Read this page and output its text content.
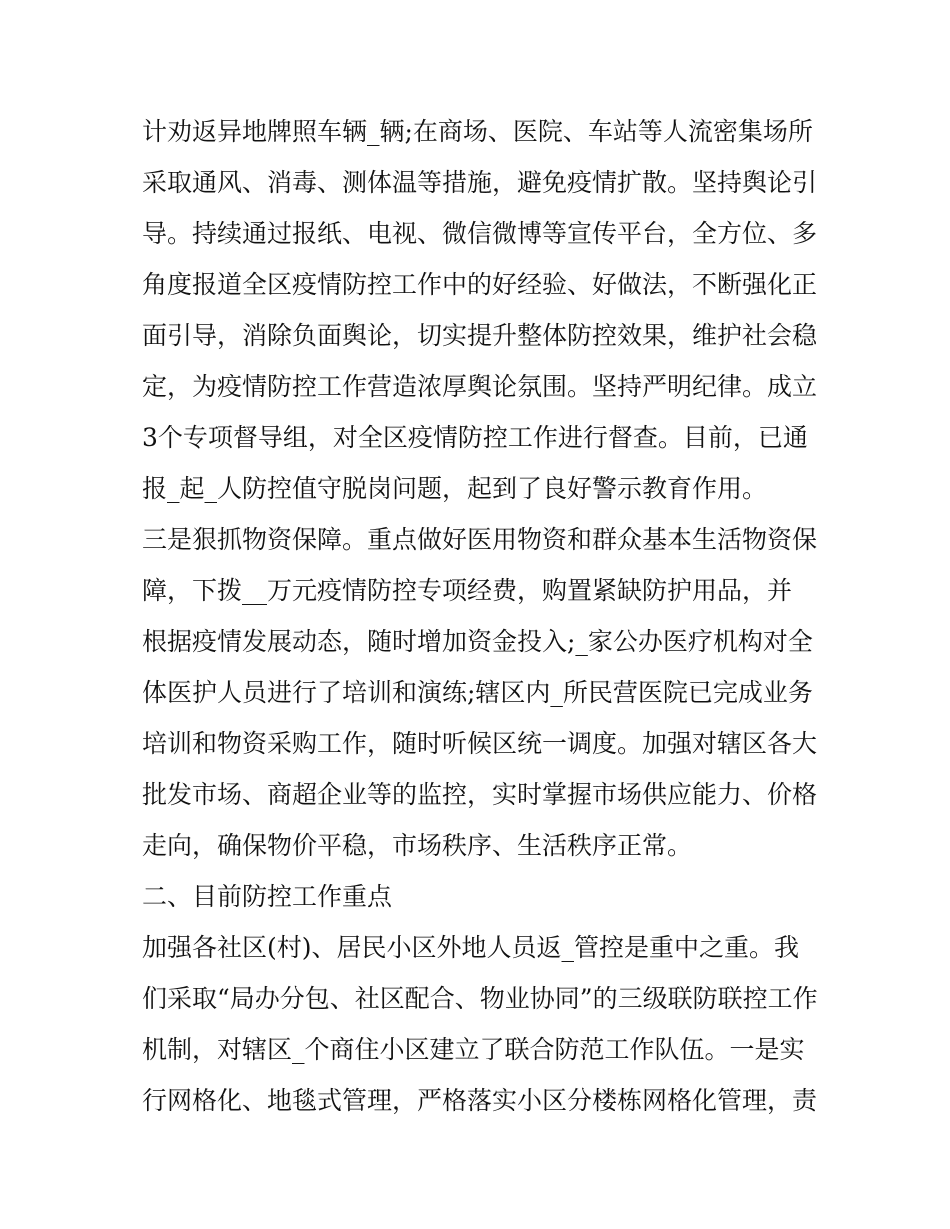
计劝返异地牌照车辆_辆;在商场、医院、车站等人流密集场所
采取通风、消毒、测体温等措施，避免疫情扩散。坚持舆论引
导。持续通过报纸、电视、微信微博等宣传平台，全方位、多
角度报道全区疫情防控工作中的好经验、好做法，不断强化正
面引导，消除负面舆论，切实提升整体防控效果，维护社会稳
定，为疫情防控工作营造浓厚舆论氛围。坚持严明纪律。成立
3个专项督导组，对全区疫情防控工作进行督查。目前，已通
报_起_人防控值守脱岗问题，起到了良好警示教育作用。
三是狠抓物资保障。重点做好医用物资和群众基本生活物资保
障，下拨__万元疫情防控专项经费，购置紧缺防护用品，并
根据疫情发展动态，随时增加资金投入;_家公办医疗机构对全
体医护人员进行了培训和演练;辖区内_所民营医院已完成业务
培训和物资采购工作，随时听候区统一调度。加强对辖区各大
批发市场、商超企业等的监控，实时掌握市场供应能力、价格
走向，确保物价平稳，市场秩序、生活秩序正常。
二、目前防控工作重点
加强各社区(村)、居民小区外地人员返_管控是重中之重。我
们采取“局办分包、社区配合、物业协同”的三级联防联控工作
机制，对辖区_个商住小区建立了联合防范工作队伍。一是实
行网格化、地毯式管理，严格落实小区分楼栋网格化管理，责
